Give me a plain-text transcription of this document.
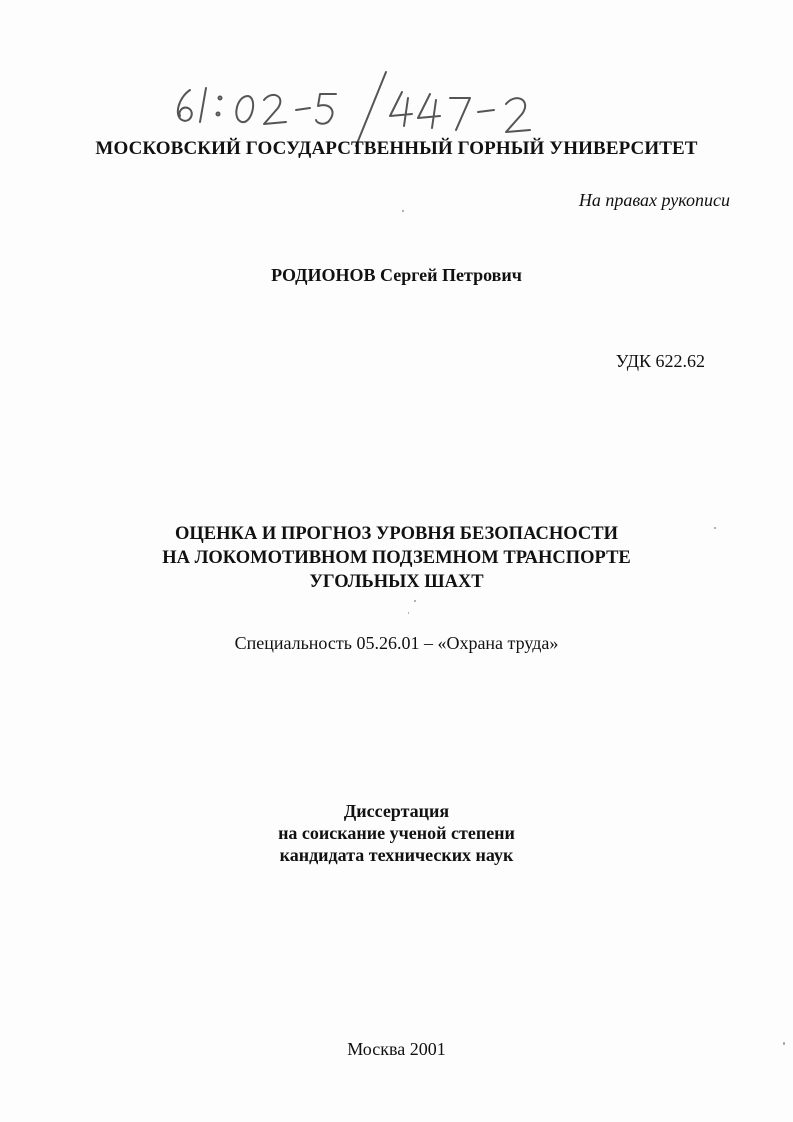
МОСКОВСКИЙ ГОСУДАРСТВЕННЫЙ ГОРНЫЙ УНИВЕРСИТЕТ
На правах рукописи
РОДИОНОВ Сергей Петрович
УДК 622.62
ОЦЕНКА И ПРОГНОЗ УРОВНЯ БЕЗОПАСНОСТИ
НА ЛОКОМОТИВНОМ ПОДЗЕМНОМ ТРАНСПОРТЕ
УГОЛЬНЫХ ШАХТ
Специальность 05.26.01 – «Охрана труда»
Диссертация
на соискание ученой степени
кандидата технических наук
Москва 2001
